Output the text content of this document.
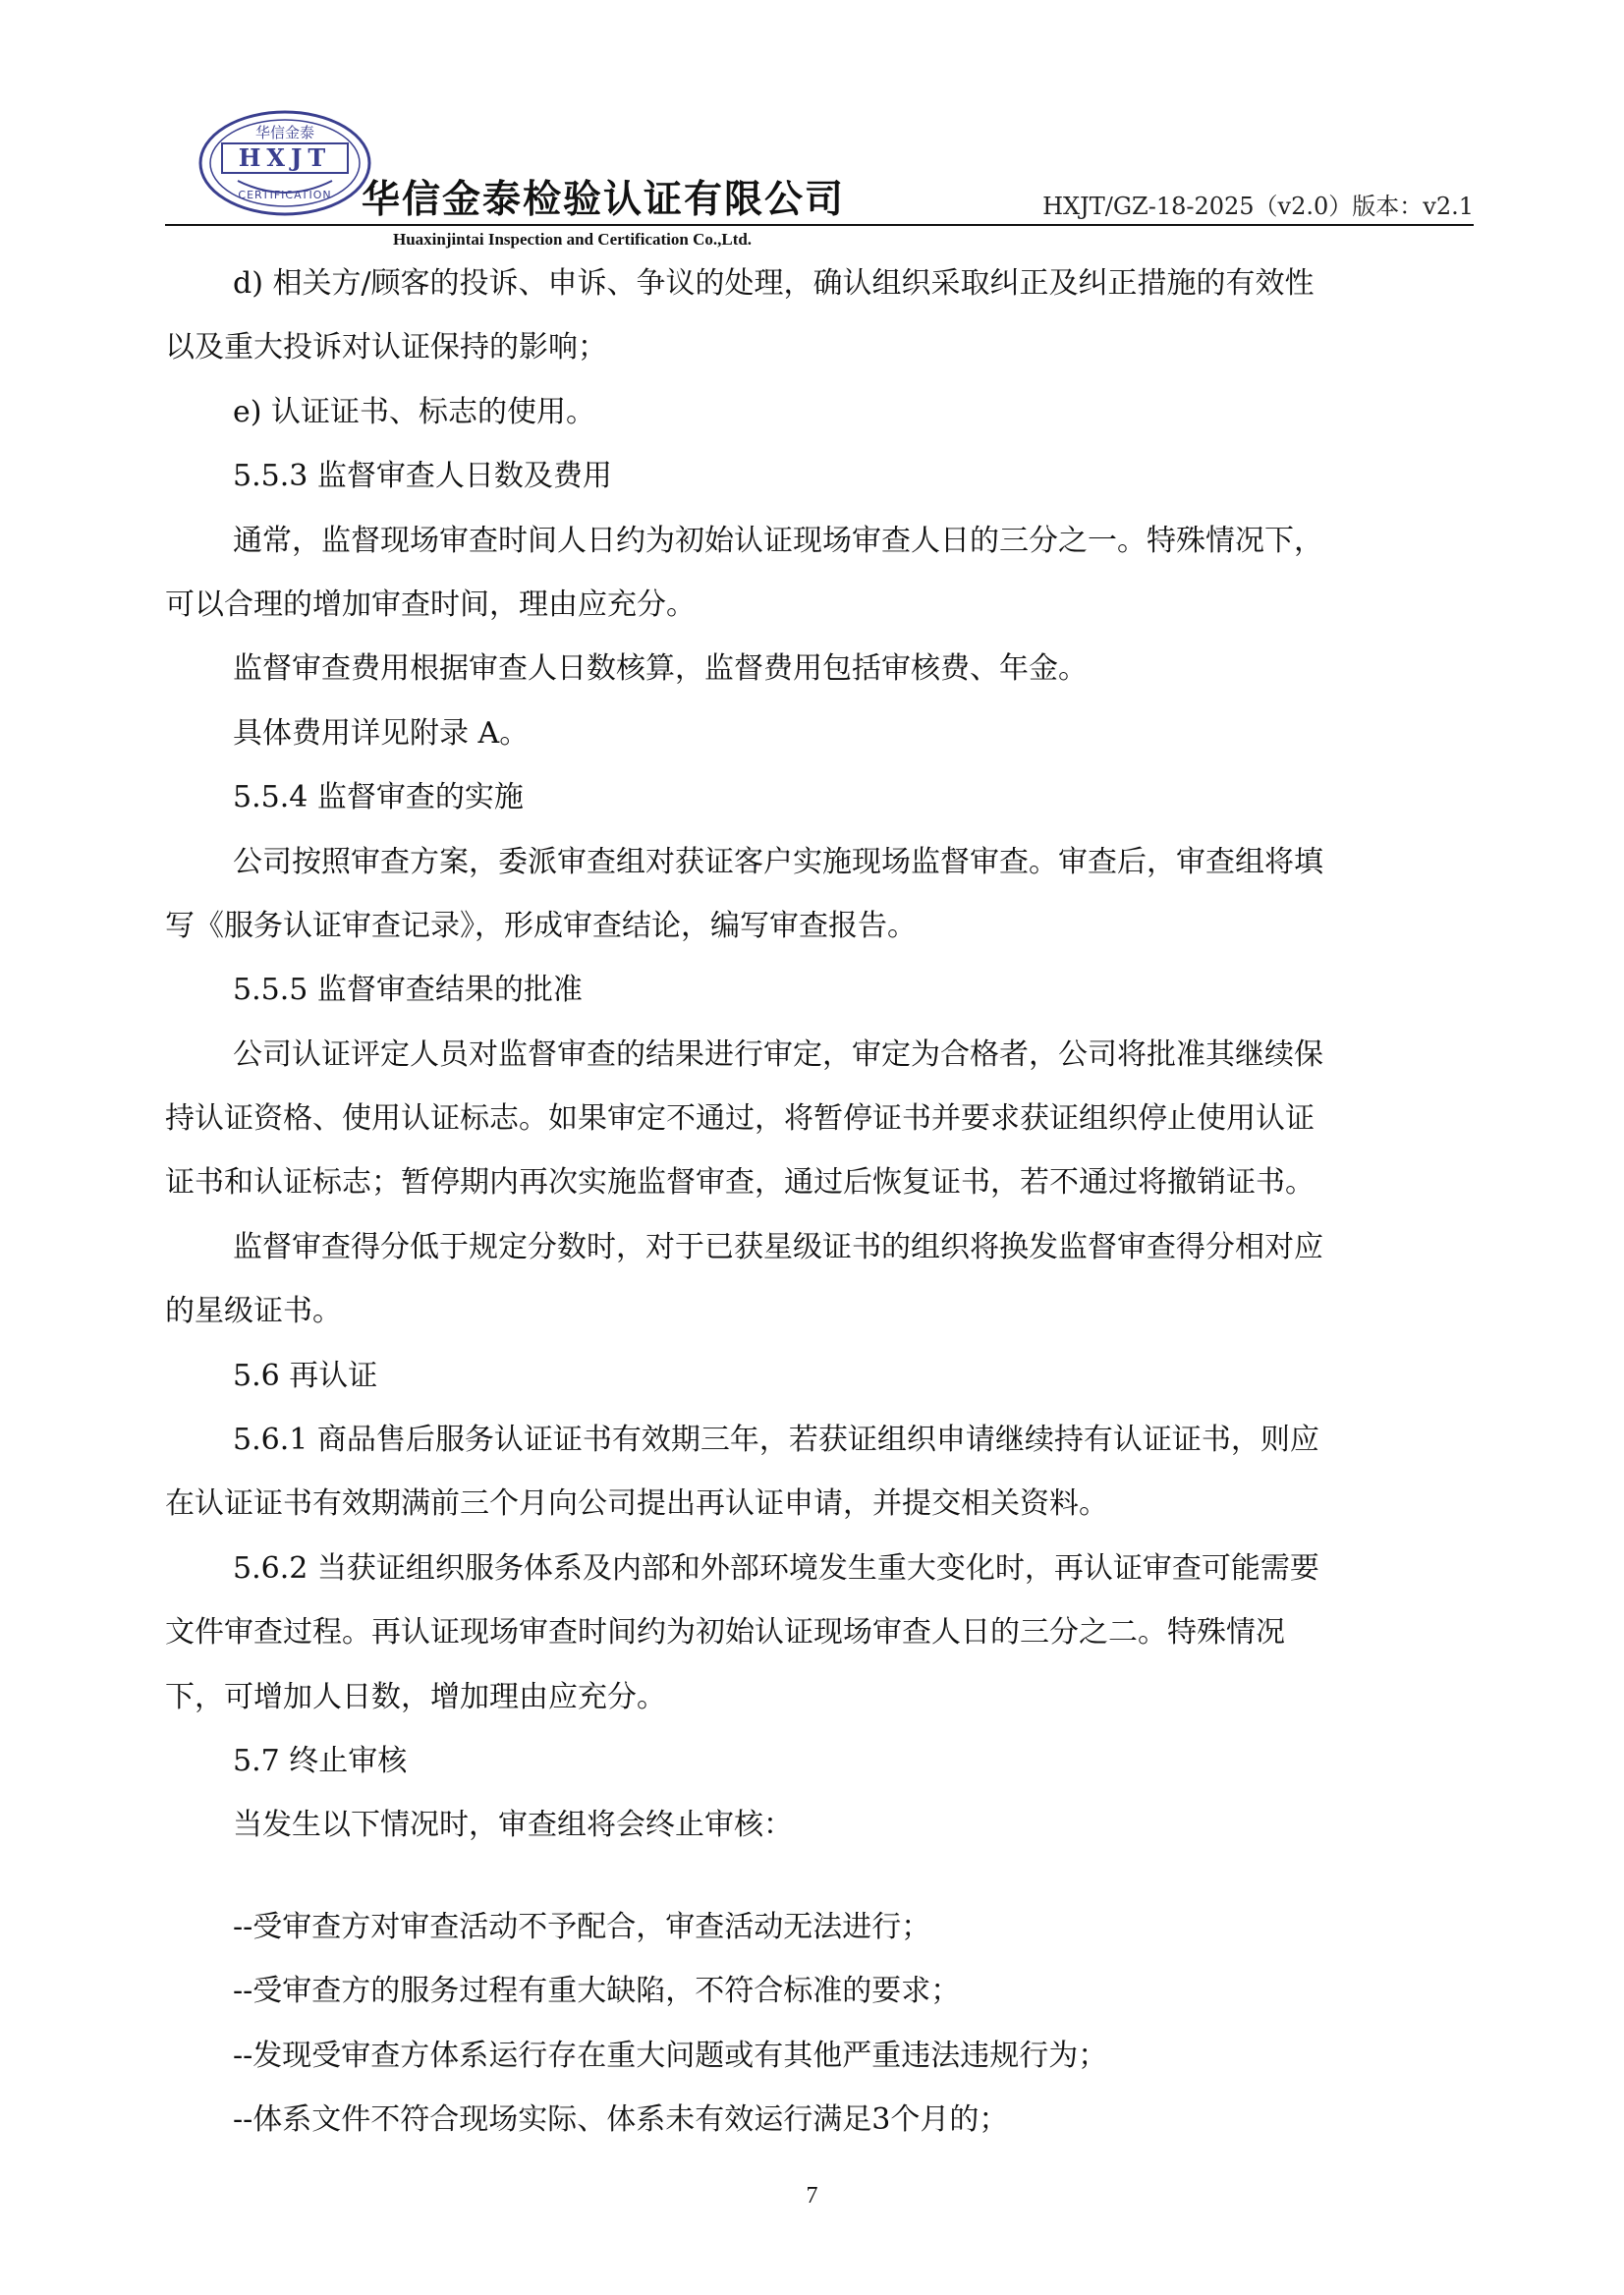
华信金泰
HXJT
CERTIFICATION 华信金泰检验认证有限公司	HXJT/GZ-18-2025（v2.0）版本：v2.1
Huaxinjintai Inspection and Certification Co.,Ltd.
d) 相关方/顾客的投诉、申诉、争议的处理，确认组织采取纠正及纠正措施的有效性
以及重大投诉对认证保持的影响；
e) 认证证书、标志的使用。
5.5.3 监督审查人日数及费用
通常，监督现场审查时间人日约为初始认证现场审查人日的三分之一。特殊情况下，
可以合理的增加审查时间，理由应充分。
监督审查费用根据审查人日数核算，监督费用包括审核费、年金。
具体费用详见附录 A。
5.5.4 监督审查的实施
公司按照审查方案，委派审查组对获证客户实施现场监督审查。审查后，审查组将填
写《服务认证审查记录》，形成审查结论，编写审查报告。
5.5.5 监督审查结果的批准
公司认证评定人员对监督审查的结果进行审定，审定为合格者，公司将批准其继续保
持认证资格、使用认证标志。如果审定不通过，将暂停证书并要求获证组织停止使用认证
证书和认证标志；暂停期内再次实施监督审查，通过后恢复证书，若不通过将撤销证书。
监督审查得分低于规定分数时，对于已获星级证书的组织将换发监督审查得分相对应
的星级证书。
5.6 再认证
5.6.1 商品售后服务认证证书有效期三年，若获证组织申请继续持有认证证书，则应
在认证证书有效期满前三个月向公司提出再认证申请，并提交相关资料。
5.6.2 当获证组织服务体系及内部和外部环境发生重大变化时，再认证审查可能需要
文件审查过程。再认证现场审查时间约为初始认证现场审查人日的三分之二。特殊情况
下，可增加人日数，增加理由应充分。
5.7 终止审核
当发生以下情况时，审查组将会终止审核：
--受审查方对审查活动不予配合，审查活动无法进行；
--受审查方的服务过程有重大缺陷，不符合标准的要求；
--发现受审查方体系运行存在重大问题或有其他严重违法违规行为；
--体系文件不符合现场实际、体系未有效运行满足3个月的；
7
